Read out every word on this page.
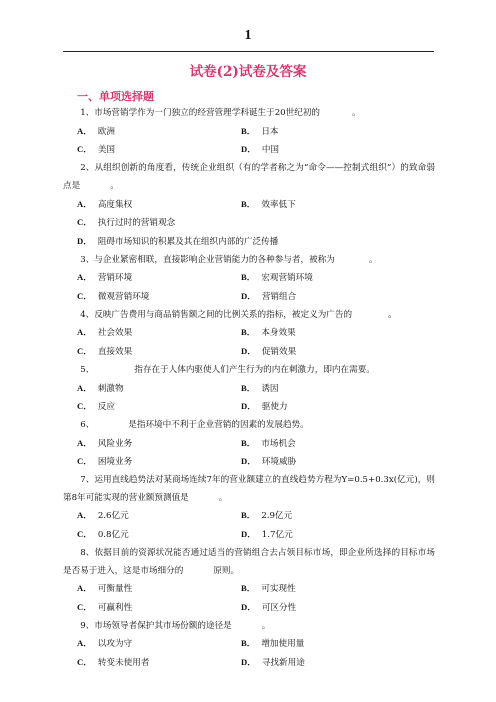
1
试卷(2)试卷及答案
一、单项选择题
1、市场营销学作为一门独立的经营管理学科诞生于20世纪初的	。
A． 欧洲	B． 日本
C． 美国	D． 中国
2、从组织创新的角度看，传统企业组织（有的学者称之为“命令——控制式组织”）的致命弱点是	。
A． 高度集权	B． 效率低下
C． 执行过时的营销观念
D． 阻碍市场知识的积累及其在组织内部的广泛传播
3、与企业紧密相联，直接影响企业营销能力的各种参与者，被称为	。
A． 营销环境	B． 宏观营销环境
C． 微观营销环境	D． 营销组合
4、反映广告费用与商品销售额之间的比例关系的指标，被定义为广告的	。
A． 社会效果	B． 本身效果
C． 直接效果	D． 促销效果
5、	指存在于人体内驱使人们产生行为的内在刺激力，即内在需要。
A． 刺激物	B． 诱因
C． 反应	D． 驱使力
6、	是指环境中不利于企业营销的因素的发展趋势。
A． 风险业务	B． 市场机会
C． 困境业务	D． 环境威胁
7、运用直线趋势法对某商场连续7年的营业额建立的直线趋势方程为Y=0.5+0.3x(亿元)，则第8年可能实现的营业额预测值是	。
A． 2.6亿元	B． 2.9亿元
C． 0.8亿元	D． 1.7亿元
8、依据目前的资源状况能否通过适当的营销组合去占领目标市场，即企业所选择的目标市场是否易于进入，这是市场细分的	原则。
A． 可衡量性	B． 可实现性
C． 可赢利性	D． 可区分性
9、市场领导者保护其市场份额的途径是	。
A． 以攻为守	B． 增加使用量
C． 转变未使用者	D． 寻找新用途
